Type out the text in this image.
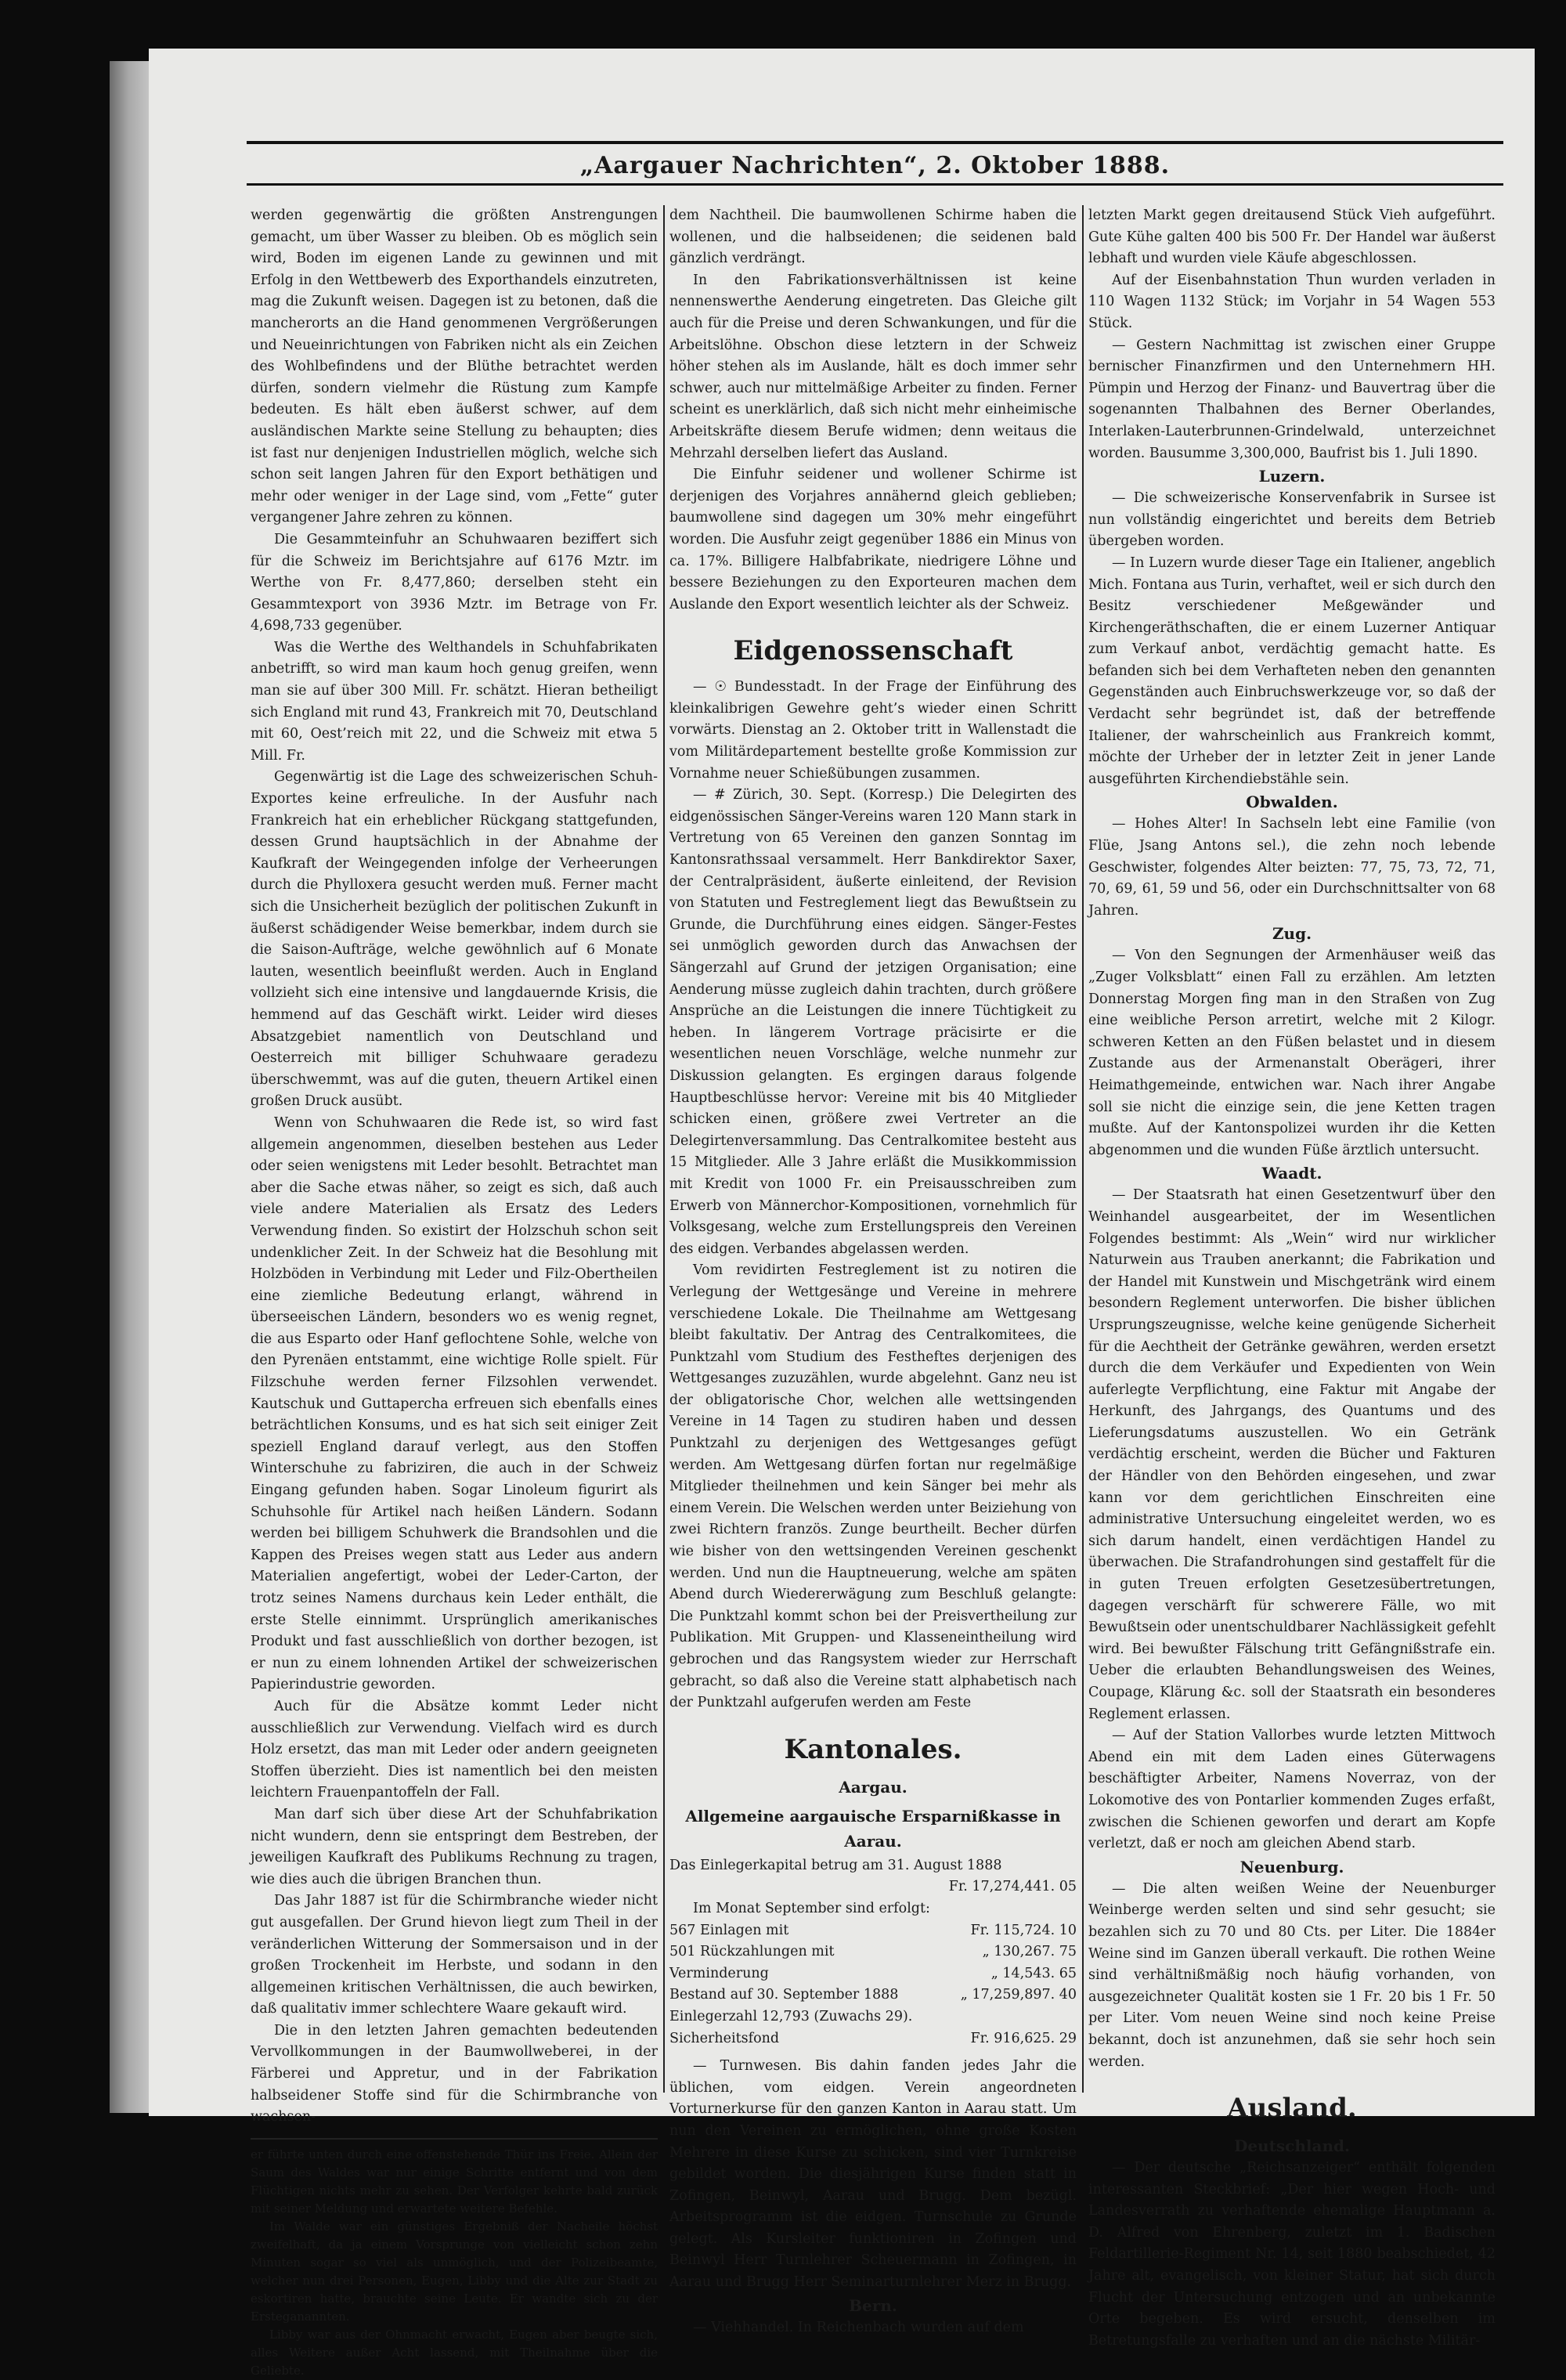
„Aargauer Nachrichten“, 2. Oktober 1888.

werden gegenwärtig die größten Anstrengungen gemacht, um über Wasser zu bleiben. Ob es möglich sein wird, Boden im eigenen Lande zu gewinnen und mit Erfolg in den Wettbewerb des Exporthandels einzutreten, mag die Zukunft weisen. Dagegen ist zu betonen, daß die mancherorts an die Hand genommenen Vergrößerungen und Neueinrichtungen von Fabriken nicht als ein Zeichen des Wohlbefindens und der Blüthe betrachtet werden dürfen, sondern vielmehr die Rüstung zum Kampfe bedeuten. Es hält eben äußerst schwer, auf dem ausländischen Markte seine Stellung zu behaupten; dies ist fast nur denjenigen Industriellen möglich, welche sich schon seit langen Jahren für den Export bethätigen und mehr oder weniger in der Lage sind, vom „Fette“ guter vergangener Jahre zehren zu können.

Die Gesammteinfuhr an Schuhwaaren beziffert sich für die Schweiz im Berichtsjahre auf 6176 Mztr. im Werthe von Fr. 8,477,860; derselben steht ein Gesammtexport von 3936 Mztr. im Betrage von Fr. 4,698,733 gegenüber.

Was die Werthe des Welthandels in Schuhfabrikaten anbetrifft, so wird man kaum hoch genug greifen, wenn man sie auf über 300 Mill. Fr. schätzt. Hieran betheiligt sich England mit rund 43, Frankreich mit 70, Deutschland mit 60, Oest’reich mit 22, und die Schweiz mit etwa 5 Mill. Fr.

Gegenwärtig ist die Lage des schweizerischen Schuh-Exportes keine erfreuliche. In der Ausfuhr nach Frankreich hat ein erheblicher Rückgang stattgefunden, dessen Grund hauptsächlich in der Abnahme der Kaufkraft der Weingegenden infolge der Verheerungen durch die Phylloxera gesucht werden muß. Ferner macht sich die Unsicherheit bezüglich der politischen Zukunft in äußerst schädigender Weise bemerkbar, indem durch sie die Saison-Aufträge, welche gewöhnlich auf 6 Monate lauten, wesentlich beeinflußt werden. Auch in England vollzieht sich eine intensive und langdauernde Krisis, die hemmend auf das Geschäft wirkt. Leider wird dieses Absatzgebiet namentlich von Deutschland und Oesterreich mit billiger Schuhwaare geradezu überschwemmt, was auf die guten, theuern Artikel einen großen Druck ausübt.

Wenn von Schuhwaaren die Rede ist, so wird fast allgemein angenommen, dieselben bestehen aus Leder oder seien wenigstens mit Leder besohlt. Betrachtet man aber die Sache etwas näher, so zeigt es sich, daß auch viele andere Materialien als Ersatz des Leders Verwendung finden. So existirt der Holzschuh schon seit undenklicher Zeit. In der Schweiz hat die Besohlung mit Holzböden in Verbindung mit Leder und Filz-Obertheilen eine ziemliche Bedeutung erlangt, während in überseeischen Ländern, besonders wo es wenig regnet, die aus Esparto oder Hanf geflochtene Sohle, welche von den Pyrenäen entstammt, eine wichtige Rolle spielt. Für Filzschuhe werden ferner Filzsohlen verwendet. Kautschuk und Guttapercha erfreuen sich ebenfalls eines beträchtlichen Konsums, und es hat sich seit einiger Zeit speziell England darauf verlegt, aus den Stoffen Winterschuhe zu fabriziren, die auch in der Schweiz Eingang gefunden haben. Sogar Linoleum figurirt als Schuhsohle für Artikel nach heißen Ländern. Sodann werden bei billigem Schuhwerk die Brandsohlen und die Kappen des Preises wegen statt aus Leder aus andern Materialien angefertigt, wobei der Leder-Carton, der trotz seines Namens durchaus kein Leder enthält, die erste Stelle einnimmt. Ursprünglich amerikanisches Produkt und fast ausschließlich von dorther bezogen, ist er nun zu einem lohnenden Artikel der schweizerischen Papierindustrie geworden.

Auch für die Absätze kommt Leder nicht ausschließlich zur Verwendung. Vielfach wird es durch Holz ersetzt, das man mit Leder oder andern geeigneten Stoffen überzieht. Dies ist namentlich bei den meisten leichtern Frauenpantoffeln der Fall.

Man darf sich über diese Art der Schuhfabrikation nicht wundern, denn sie entspringt dem Bestreben, der jeweiligen Kaufkraft des Publikums Rechnung zu tragen, wie dies auch die übrigen Branchen thun.

Das Jahr 1887 ist für die Schirmbranche wieder nicht gut ausgefallen. Der Grund hievon liegt zum Theil in der veränderlichen Witterung der Sommersaison und in der großen Trockenheit im Herbste, und sodann in den allgemeinen kritischen Verhältnissen, die auch bewirken, daß qualitativ immer schlechtere Waare gekauft wird.

Die in den letzten Jahren gemachten bedeutenden Vervollkommungen in der Baumwollweberei, in der Färberei und Appretur, und in der Fabrikation halbseidener Stoffe sind für die Schirmbranche von wachsen-

er führte unten durch eine offenstehende Thür ins Freie. Allein der Saum des Waldes war nur einige Schritte entfernt und von dem Flüchtigen nichts mehr zu sehen. Der Verfolger kehrte bald zurück mit seiner Meldung und erwartete weitere Befehle.

Im Walde war ein günstiges Ergebniß der Nacheile höchst zweifelhaft, da ja einem Vorsprunge von vielleicht schon zehn Minuten sogar so viel als unmöglich, und der Polizeibeamte, welcher nun drei Personen, Eugen, Libby und die Alte zur Stadt zu eskortiren hatte, brauchte seine Leute. Er wandte sich zu der Ersteganannten.

Libby war aus der Ohnmacht erwacht, Eugen aber beugte sich, alles Weitere außer Acht lassend, mit Theilnahme über die Geliebte.

dem Nachtheil. Die baumwollenen Schirme haben die wollenen, und die halbseidenen; die seidenen bald gänzlich verdrängt.

In den Fabrikationsverhältnissen ist keine nennenswerthe Aenderung eingetreten. Das Gleiche gilt auch für die Preise und deren Schwankungen, und für die Arbeitslöhne. Obschon diese letztern in der Schweiz höher stehen als im Auslande, hält es doch immer sehr schwer, auch nur mittelmäßige Arbeiter zu finden. Ferner scheint es unerklärlich, daß sich nicht mehr einheimische Arbeitskräfte diesem Berufe widmen; denn weitaus die Mehrzahl derselben liefert das Ausland.

Die Einfuhr seidener und wollener Schirme ist derjenigen des Vorjahres annähernd gleich geblieben; baumwollene sind dagegen um 30% mehr eingeführt worden. Die Ausfuhr zeigt gegenüber 1886 ein Minus von ca. 17%. Billigere Halbfabrikate, niedrigere Löhne und bessere Beziehungen zu den Exporteuren machen dem Auslande den Export wesentlich leichter als der Schweiz.

Eidgenossenschaft

— ☉ Bundesstadt. In der Frage der Einführung des kleinkalibrigen Gewehre geht’s wieder einen Schritt vorwärts. Dienstag an 2. Oktober tritt in Wallenstadt die vom Militärdepartement bestellte große Kommission zur Vornahme neuer Schießübungen zusammen.

— # Zürich, 30. Sept. (Korresp.) Die Delegirten des eidgenössischen Sänger-Vereins waren 120 Mann stark in Vertretung von 65 Vereinen den ganzen Sonntag im Kantonsrathssaal versammelt. Herr Bankdirektor Saxer, der Centralpräsident, äußerte einleitend, der Revision von Statuten und Festreglement liegt das Bewußtsein zu Grunde, die Durchführung eines eidgen. Sänger-Festes sei unmöglich geworden durch das Anwachsen der Sängerzahl auf Grund der jetzigen Organisation; eine Aenderung müsse zugleich dahin trachten, durch größere Ansprüche an die Leistungen die innere Tüchtigkeit zu heben. In längerem Vortrage präcisirte er die wesentlichen neuen Vorschläge, welche nunmehr zur Diskussion gelangten. Es ergingen daraus folgende Hauptbeschlüsse hervor: Vereine mit bis 40 Mitglieder schicken einen, größere zwei Vertreter an die Delegirtenversammlung. Das Centralkomitee besteht aus 15 Mitglieder. Alle 3 Jahre erläßt die Musikkommission mit Kredit von 1000 Fr. ein Preisausschreiben zum Erwerb von Männerchor-Kompositionen, vornehmlich für Volksgesang, welche zum Erstellungspreis den Vereinen des eidgen. Verbandes abgelassen werden.

Vom revidirten Festreglement ist zu notiren die Verlegung der Wettgesänge und Vereine in mehrere verschiedene Lokale. Die Theilnahme am Wettgesang bleibt fakultativ. Der Antrag des Centralkomitees, die Punktzahl vom Studium des Festheftes derjenigen des Wettgesanges zuzuzählen, wurde abgelehnt. Ganz neu ist der obligatorische Chor, welchen alle wettsingenden Vereine in 14 Tagen zu studiren haben und dessen Punktzahl zu derjenigen des Wettgesanges gefügt werden. Am Wettgesang dürfen fortan nur regelmäßige Mitglieder theilnehmen und kein Sänger bei mehr als einem Verein. Die Welschen werden unter Beiziehung von zwei Richtern französ. Zunge beurtheilt. Becher dürfen wie bisher von den wettsingenden Vereinen geschenkt werden. Und nun die Hauptneuerung, welche am späten Abend durch Wiedererwägung zum Beschluß gelangte: Die Punktzahl kommt schon bei der Preisvertheilung zur Publikation. Mit Gruppen- und Klasseneintheilung wird gebrochen und das Rangsystem wieder zur Herrschaft gebracht, so daß also die Vereine statt alphabetisch nach der Punktzahl aufgerufen werden am Feste

Kantonales.
Aargau.
Allgemeine aargauische Ersparnißkasse in Aarau.
Das Einlegerkapital betrug am 31. August 1888
Fr. 17,274,441. 05
Im Monat September sind erfolgt:
567 Einlagen mit	Fr. 115,724. 10
501 Rückzahlungen mit	„ 130,267. 75
Verminderung	„ 14,543. 65
Bestand auf 30. September 1888	„ 17,259,897. 40
Einlegerzahl 12,793 (Zuwachs 29).
Sicherheitsfond	Fr. 916,625. 29

— Turnwesen. Bis dahin fanden jedes Jahr die üblichen, vom eidgen. Verein angeordneten Vorturnerkurse für den ganzen Kanton in Aarau statt. Um nun den Vereinen zu ermöglichen, ohne große Kosten Mehrere in diese Kurse zu schicken, sind vier Turnkreise gebildet worden. Die diesjährigen Kurse finden statt in Zofingen, Beinwyl, Aarau und Brugg. Dem bezügl. Arbeitsprogramm ist die eidgen. Turnschule zu Grunde gelegt. Als Kursleiter funktioniren in Zofingen und Beinwyl Herr Turnlehrer Scheuermann in Zofingen, in Aarau und Brugg Herr Seminarturnlehrer Merz in Brugg.

Bern.

— Viehhandel. In Reichenbach wurden auf dem

letzten Markt gegen dreitausend Stück Vieh aufgeführt. Gute Kühe galten 400 bis 500 Fr. Der Handel war äußerst lebhaft und wurden viele Käufe abgeschlossen.

Auf der Eisenbahnstation Thun wurden verladen in 110 Wagen 1132 Stück; im Vorjahr in 54 Wagen 553 Stück.

— Gestern Nachmittag ist zwischen einer Gruppe bernischer Finanzfirmen und den Unternehmern HH. Pümpin und Herzog der Finanz- und Bauvertrag über die sogenannten Thalbahnen des Berner Oberlandes, Interlaken-Lauterbrunnen-Grindelwald, unterzeichnet worden. Bausumme 3,300,000, Baufrist bis 1. Juli 1890.

Luzern.

— Die schweizerische Konservenfabrik in Sursee ist nun vollständig eingerichtet und bereits dem Betrieb übergeben worden.

— In Luzern wurde dieser Tage ein Italiener, angeblich Mich. Fontana aus Turin, verhaftet, weil er sich durch den Besitz verschiedener Meßgewänder und Kirchengeräthschaften, die er einem Luzerner Antiquar zum Verkauf anbot, verdächtig gemacht hatte. Es befanden sich bei dem Verhafteten neben den genannten Gegenständen auch Einbruchswerkzeuge vor, so daß der Verdacht sehr begründet ist, daß der betreffende Italiener, der wahrscheinlich aus Frankreich kommt, möchte der Urheber der in letzter Zeit in jener Lande ausgeführten Kirchendiebstähle sein.

Obwalden.

— Hohes Alter! In Sachseln lebt eine Familie (von Flüe, Jsang Antons sel.), die zehn noch lebende Geschwister, folgendes Alter beizten: 77, 75, 73, 72, 71, 70, 69, 61, 59 und 56, oder ein Durchschnittsalter von 68 Jahren.

Zug.

— Von den Segnungen der Armenhäuser weiß das „Zuger Volksblatt“ einen Fall zu erzählen. Am letzten Donnerstag Morgen fing man in den Straßen von Zug eine weibliche Person arretirt, welche mit 2 Kilogr. schweren Ketten an den Füßen belastet und in diesem Zustande aus der Armenanstalt Oberägeri, ihrer Heimathgemeinde, entwichen war. Nach ihrer Angabe soll sie nicht die einzige sein, die jene Ketten tragen mußte. Auf der Kantonspolizei wurden ihr die Ketten abgenommen und die wunden Füße ärztlich untersucht.

Waadt.

— Der Staatsrath hat einen Gesetzentwurf über den Weinhandel ausgearbeitet, der im Wesentlichen Folgendes bestimmt: Als „Wein“ wird nur wirklicher Naturwein aus Trauben anerkannt; die Fabrikation und der Handel mit Kunstwein und Mischgetränk wird einem besondern Reglement unterworfen. Die bisher üblichen Ursprungszeugnisse, welche keine genügende Sicherheit für die Aechtheit der Getränke gewähren, werden ersetzt durch die dem Verkäufer und Expedienten von Wein auferlegte Verpflichtung, eine Faktur mit Angabe der Herkunft, des Jahrgangs, des Quantums und des Lieferungsdatums auszustellen. Wo ein Getränk verdächtig erscheint, werden die Bücher und Fakturen der Händler von den Behörden eingesehen, und zwar kann vor dem gerichtlichen Einschreiten eine administrative Untersuchung eingeleitet werden, wo es sich darum handelt, einen verdächtigen Handel zu überwachen. Die Strafandrohungen sind gestaffelt für die in guten Treuen erfolgten Gesetzesübertretungen, dagegen verschärft für schwerere Fälle, wo mit Bewußtsein oder unentschuldbarer Nachlässigkeit gefehlt wird. Bei bewußter Fälschung tritt Gefängnißstrafe ein. Ueber die erlaubten Behandlungsweisen des Weines, Coupage, Klärung &c. soll der Staatsrath ein besonderes Reglement erlassen.

— Auf der Station Vallorbes wurde letzten Mittwoch Abend ein mit dem Laden eines Güterwagens beschäftigter Arbeiter, Namens Noverraz, von der Lokomotive des von Pontarlier kommenden Zuges erfaßt, zwischen die Schienen geworfen und derart am Kopfe verletzt, daß er noch am gleichen Abend starb.

Neuenburg.

— Die alten weißen Weine der Neuenburger Weinberge werden selten und sind sehr gesucht; sie bezahlen sich zu 70 und 80 Cts. per Liter. Die 1884er Weine sind im Ganzen überall verkauft. Die rothen Weine sind verhältnißmäßig noch häufig vorhanden, von ausgezeichneter Qualität kosten sie 1 Fr. 20 bis 1 Fr. 50 per Liter. Vom neuen Weine sind noch keine Preise bekannt, doch ist anzunehmen, daß sie sehr hoch sein werden.

Ausland.
Deutschland.

— Der deutsche „Reichsanzeiger“ enthält folgenden interessanten Steckbrief: „Der hier wegen Hoch- und Landesverrath zu verhaftende ehemalige Hauptmann a. D. Alfred von Ehrenberg, zuletzt im 1. Badischen Feldartillerie-Regiment Nr. 14, seit 1880 beabschiedet, 42 Jahre alt, evangelisch, von kleiner Statur, hat sich durch Flucht der Untersuchung entzogen und an unbekannte Orte begeben. Es wird ersucht, denselben im Betretungsfalle zu verhaften und an die nächste Militär-
